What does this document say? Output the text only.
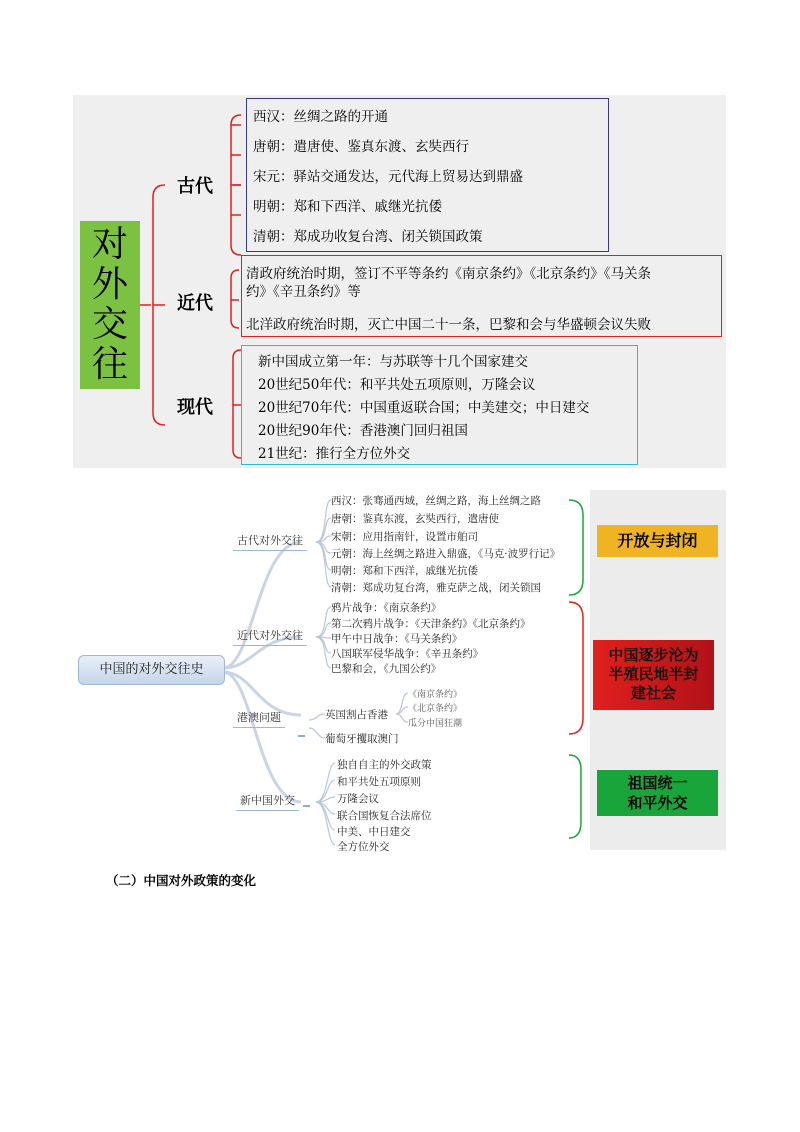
对
外
交
往
古代
近代
现代
西汉：丝绸之路的开通
唐朝：遣唐使、鉴真东渡、玄奘西行
宋元：驿站交通发达，元代海上贸易达到鼎盛
明朝：郑和下西洋、戚继光抗倭
清朝：郑成功收复台湾、闭关锁国政策
清政府统治时期，签订不平等条约《南京条约》《北京条约》《马关条
约》《辛丑条约》等
北洋政府统治时期，灭亡中国二十一条，巴黎和会与华盛顿会议失败
新中国成立第一年：与苏联等十几个国家建交
20世纪50年代：和平共处五项原则，万隆会议
20世纪70年代：中国重返联合国；中美建交；中日建交
20世纪90年代：香港澳门回归祖国
21世纪：推行全方位外交
中国的对外交往史
古代对外交往
近代对外交往
港澳问题
新中国外交
西汉：张骞通西域，丝绸之路，海上丝绸之路
唐朝：鉴真东渡，玄奘西行，遣唐使
宋朝：应用指南针，设置市舶司
元朝：海上丝绸之路进入鼎盛，《马克·波罗行记》
明朝：郑和下西洋，戚继光抗倭
清朝：郑成功复台湾，雅克萨之战，闭关锁国
鸦片战争：《南京条约》
第二次鸦片战争：《天津条约》《北京条约》
甲午中日战争：《马关条约》
八国联军侵华战争：《辛丑条约》
巴黎和会，《九国公约》
英国割占香港
葡萄牙攫取澳门
《南京条约》
《北京条约》
瓜分中国狂潮
独自自主的外交政策
和平共处五项原则
万隆会议
联合国恢复合法席位
中美、中日建交
全方位外交
开放与封闭
中国逐步沦为
半殖民地半封
建社会
祖国统一
和平外交
（二）中国对外政策的变化
